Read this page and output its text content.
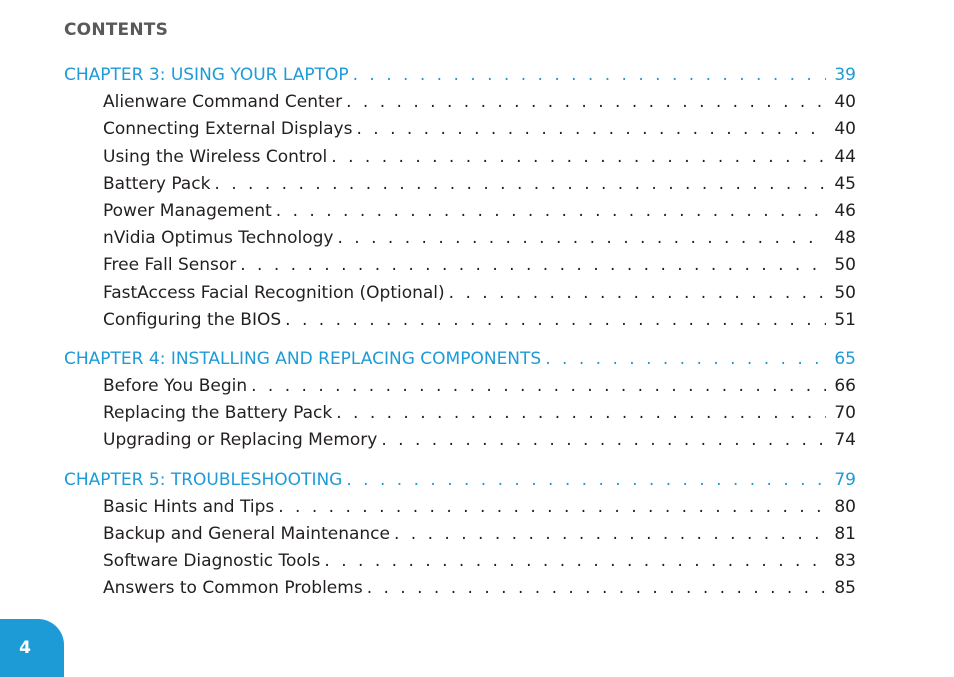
CONTENTS
CHAPTER 3: USING YOUR LAPTOP . . .	39
Alienware Command Center . . .	40
Connecting External Displays . . .	40
Using the Wireless Control . . .	44
Battery Pack . . .	45
Power Management . . .	46
nVidia Optimus Technology . . .	48
Free Fall Sensor . . .	50
FastAccess Facial Recognition (Optional) . . .	50
Configuring the BIOS . . .	51
CHAPTER 4: INSTALLING AND REPLACING COMPONENTS . . .	65
Before You Begin . . .	66
Replacing the Battery Pack . . .	70
Upgrading or Replacing Memory . . .	74
CHAPTER 5: TROUBLESHOOTING . . .	79
Basic Hints and Tips . . .	80
Backup and General Maintenance . . .	81
Software Diagnostic Tools . . .	83
Answers to Common Problems . . .	85
4
